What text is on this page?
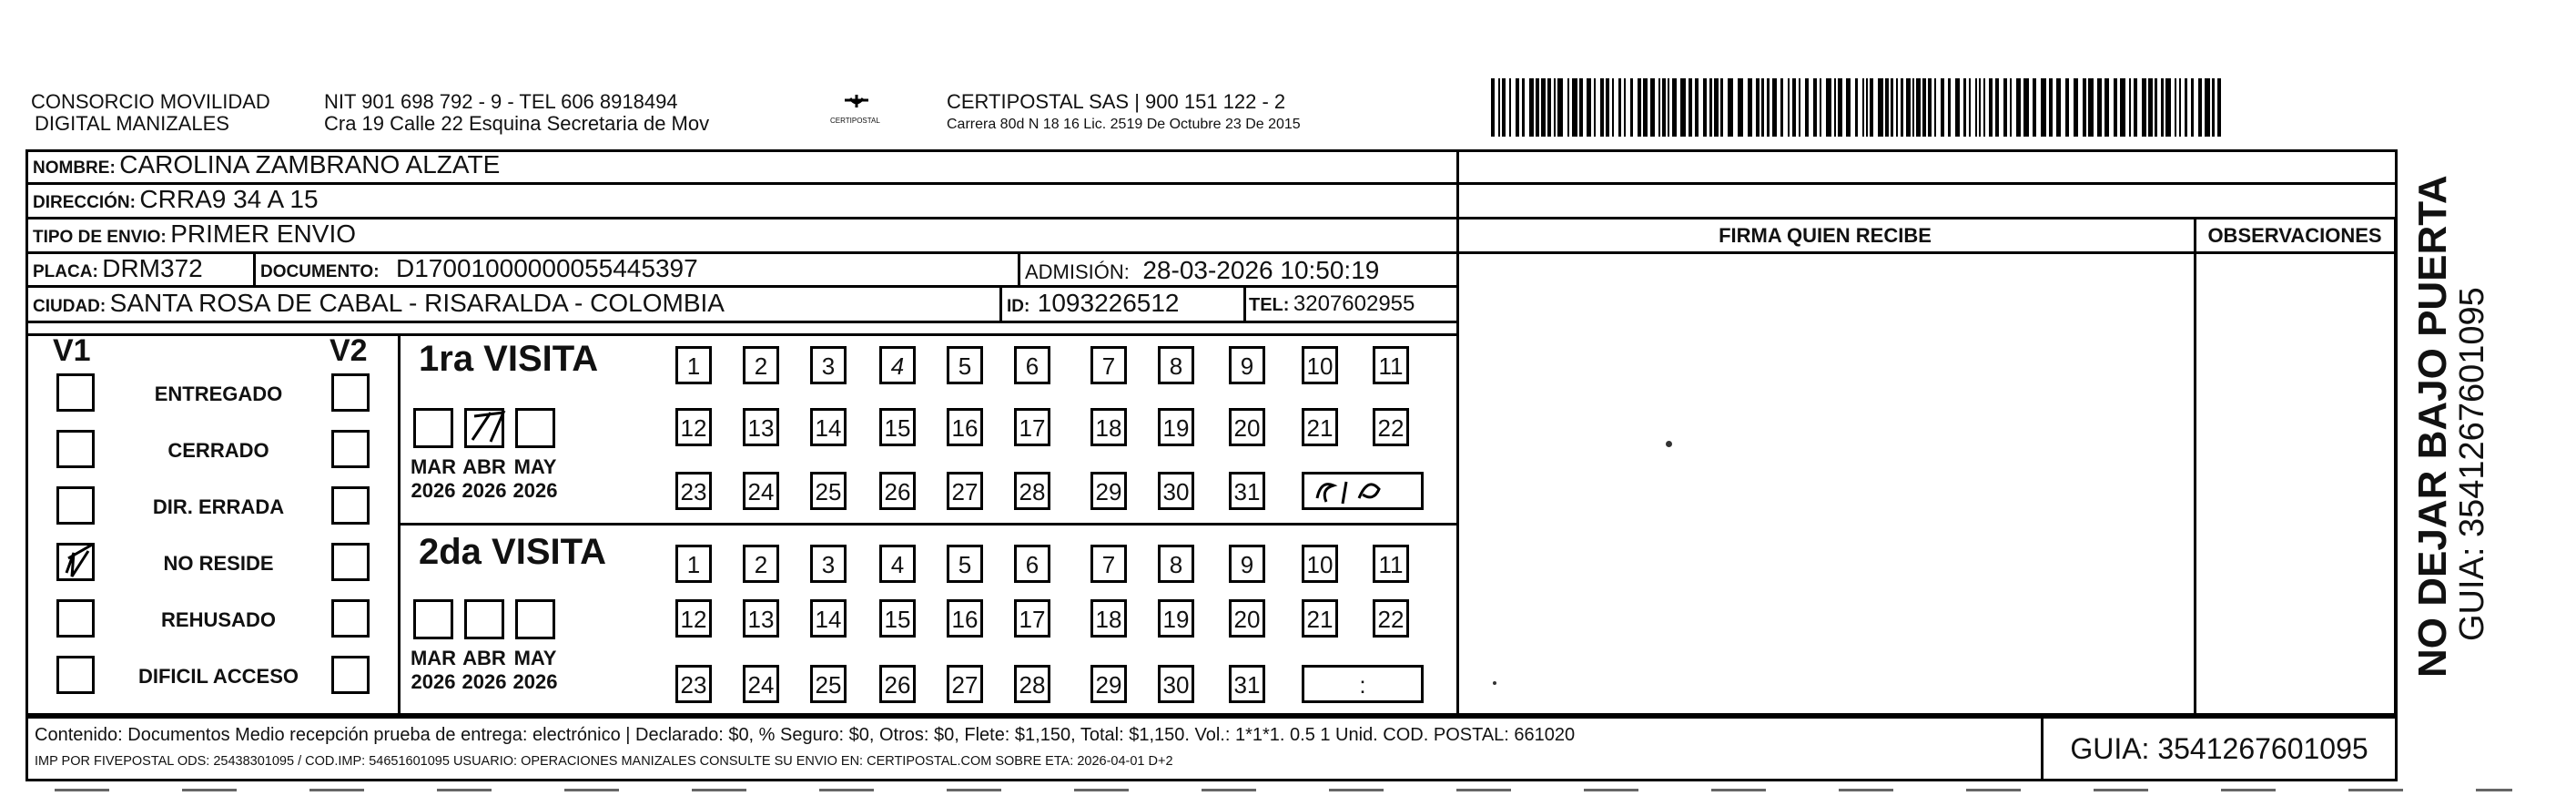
CONSORCIO MOVILIDAD
DIGITAL MANIZALES
NIT 901 698 792 - 9 - TEL 606 8918494
Cra 19 Calle 22 Esquina Secretaria de Mov	CERTIPOSTAL
CERTIPOSTAL SAS | 900 151 122 - 2
Carrera 80d N 18 16 Lic. 2519 De Octubre 23 De 2015
NOMBRE: CAROLINA ZAMBRANO ALZATE
DIRECCIÓN: CRRA9 34 A 15
TIPO DE ENVIO: PRIMER ENVIO	FIRMA QUIEN RECIBE	OBSERVACIONES
PLACA: DRM372	DOCUMENTO: D17001000000055445397	ADMISIÓN: 28-03-2026 10:50:19
CIUDAD: SANTA ROSA DE CABAL - RISARALDA - COLOMBIA	ID: 1093226512	TEL: 3207602955
V1	V2
ENTREGADO
CERRADO
DIR. ERRADA
NO RESIDE
REHUSADO
DIFICIL ACCESO
1ra VISITA
2da VISITA
MAR
2026
ABR
2026
MAY
2026
MAR
2026
ABR
2026
MAY
2026
1	2	3	4	5	6	7	8	9	10 11
12 13 14 15 16 17 18 19 20 21 22
23 24 25 26 27 28 29 30 31
1	2	3	4	5	6	7	8	9	10 11
12 13 14 15 16 17 18 19 20 21 22
23 24 25 26 27 28 29 30 31	:
Contenido: Documentos Medio recepción prueba de entrega: electrónico | Declarado: $0, % Seguro: $0, Otros: $0, Flete: $1,150, Total: $1,150. Vol.: 1*1*1. 0.5 1 Unid. COD. POSTAL: 661020
IMP POR FIVEPOSTAL ODS: 25438301095 / COD.IMP: 54651601095 USUARIO: OPERACIONES MANIZALES CONSULTE SU ENVIO EN: CERTIPOSTAL.COM SOBRE ETA: 2026-04-01 D+2	GUIA: 3541267601095
NO DEJAR BAJO PUERTA
GUIA: 3541267601095
